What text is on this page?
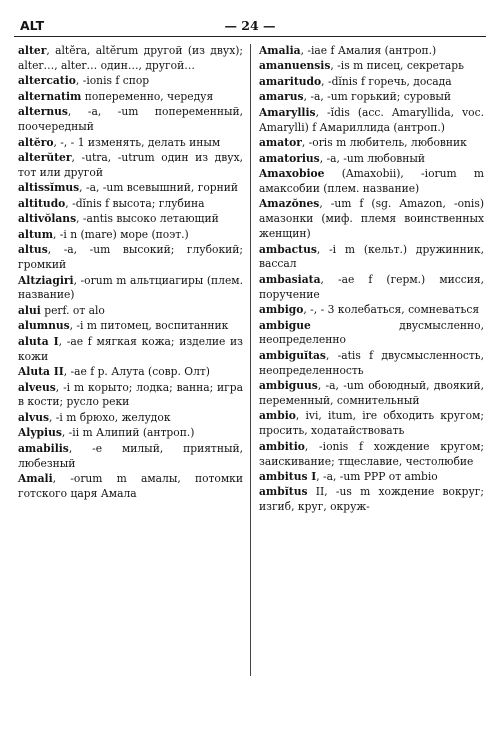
ALT	— 24 —

alter, altĕra, altĕrum другой (из двух); alter…, alter… один…, другой…

altercatio, -ionis f спор

alternatim попеременно, чередуя

alternus, -a, -um попеременный, поочередный

altĕro, -, - 1 изменять, делать иным

alterŭter, -utra, -utrum один из двух, тот или другой

altissĭmus, -a, -um всевышний, горний

altitudo, -dĭnis f высота; глубина

altivŏlans, -antis высоко летающий

altum, -i n (mare) море (поэт.)

altus, -a, -um высокий; глубокий; громкий

Altziagiri, -orum m альтциагиры (плем. название)

alui perf. от alo

alumnus, -i m питомец, воспитанник

aluta I, -ae f мягкая кожа; изделие из кожи

Aluta II, -ae f p. Алута (совр. Олт)

alveus, -i m корыто; лодка; ванна; игра в кости; русло реки

alvus, -i m брюхо, желудок

Alypius, -ii m Алипий (антроп.)

amabilis, -e милый, приятный, любезный

Amali, -orum m амалы, потомки готского царя Амала

Amalia, -iae f Амалия (антроп.)

amanuensis, -is m писец, секретарь

amaritudo, -dĭnis f горечь, досада

amarus, -a, -um горький; суровый

Amaryllis, -ĭdis (acc. Amaryllida, voc. Amarylli) f Амариллида (антроп.)

amator, -oris m любитель, любовник

amatorius, -a, -um любовный

Amaxobioe (Amaxobii), -iorum m амаксобии (плем. название)

Amazŏnes, -um f (sg. Amazon, -onis) амазонки (миф. племя воинственных женщин)

ambactus, -i m (кельт.) дружинник, вассал

ambasiata, -ae f (герм.) миссия, поручение

ambigo, -, - 3 колебаться, сомневаться

ambigue двусмысленно, неопределенно

ambiguĭtas, -atis f двусмысленность, неопределенность

ambiguus, -a, -um обоюдный, двоякий, переменный, сомнительный

ambio, ivi, itum, ire обходить кругом; просить, ходатайствовать

ambitio, -ionis f хождение кругом; заискивание; тщеславие, честолюбие

ambitus I, -a, -um PPP от ambio

ambĭtus II, -us m хождение вокруг; изгиб, круг, окруж-
